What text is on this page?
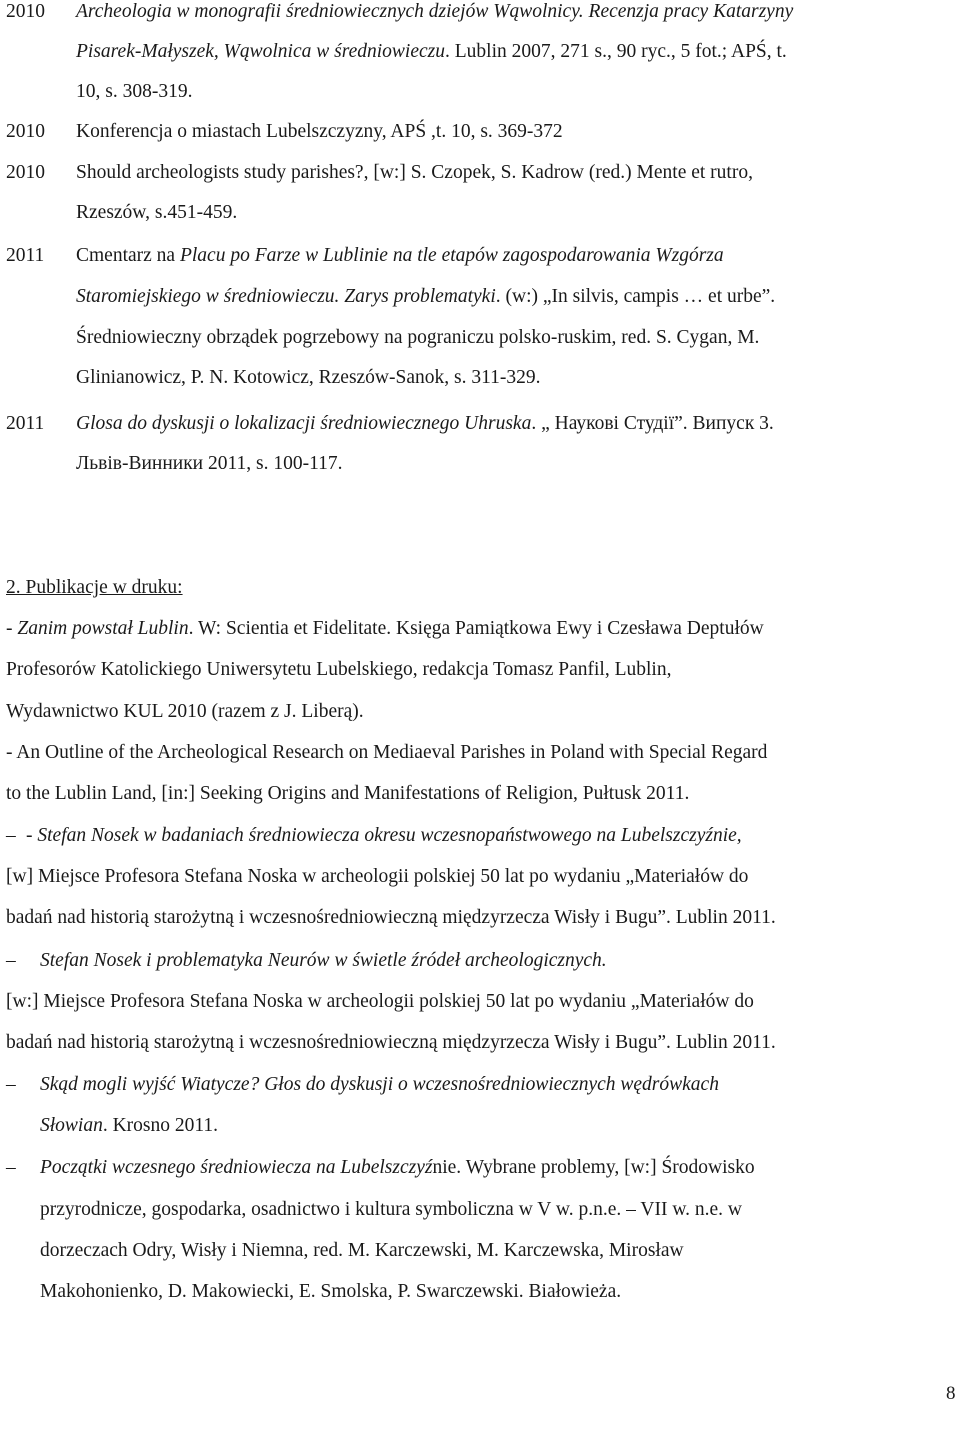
2010 Archeologia w monografii średniowiecznych dziejów Wąwolnicy. Recenzja pracy Katarzyny
Pisarek-Małyszek, Wąwolnica w średniowieczu. Lublin 2007, 271 s., 90 ryc., 5 fot.; APŚ, t.
10, s. 308-319.
2010 Konferencja o miastach Lubelszczyzny, APŚ ,t. 10, s. 369-372
2010 Should archeologists study parishes?, [w:] S. Czopek, S. Kadrow (red.) Mente et rutro,
Rzeszów, s.451-459.
2011 Cmentarz na Placu po Farze w Lublinie na tle etapów zagospodarowania Wzgórza
Staromiejskiego w średniowieczu. Zarys problematyki. (w:) „In silvis, campis … et urbe”.
Średniowieczny obrządek pogrzebowy na pograniczu polsko-ruskim, red. S. Cygan, M.
Glinianowicz, P. N. Kotowicz, Rzeszów-Sanok, s. 311-329.
2011 Glosa do dyskusji o lokalizacji średniowiecznego Uhruska. „ Наукові Студії”. Випуск 3.
Львів-Винники 2011, s. 100-117.
2. Publikacje w druku:
- Zanim powstał Lublin. W: Scientia et Fidelitate. Księga Pamiątkowa Ewy i Czesława Deptułów
Profesorów Katolickiego Uniwersytetu Lubelskiego, redakcja Tomasz Panfil, Lublin,
Wydawnictwo KUL 2010 (razem z J. Liberą).
- An Outline of the Archeological Research on Mediaeval Parishes in Poland with Special Regard
to the Lublin Land, [in:] Seeking Origins and Manifestations of Religion, Pułtusk 2011.
– - Stefan Nosek w badaniach średniowiecza okresu wczesnopaństwowego na Lubelszczyźnie,
[w] Miejsce Profesora Stefana Noska w archeologii polskiej 50 lat po wydaniu „Materiałów do
badań nad historią starożytną i wczesnośredniowieczną międzyrzecza Wisły i Bugu”. Lublin 2011.
– Stefan Nosek i problematyka Neurów w świetle źródeł archeologicznych.
[w:] Miejsce Profesora Stefana Noska w archeologii polskiej 50 lat po wydaniu „Materiałów do
badań nad historią starożytną i wczesnośredniowieczną międzyrzecza Wisły i Bugu”. Lublin 2011.
– Skąd mogli wyjść Wiatycze? Głos do dyskusji o wczesnośredniowiecznych wędrówkach
Słowian. Krosno 2011.
– Początki wczesnego średniowiecza na Lubelszczyźnie. Wybrane problemy, [w:] Środowisko
przyrodnicze, gospodarka, osadnictwo i kultura symboliczna w V w. p.n.e. – VII w. n.e. w
dorzeczach Odry, Wisły i Niemna, red. M. Karczewski, M. Karczewska, Mirosław
Makohonienko, D. Makowiecki, E. Smolska, P. Swarczewski. Białowieża.
8
